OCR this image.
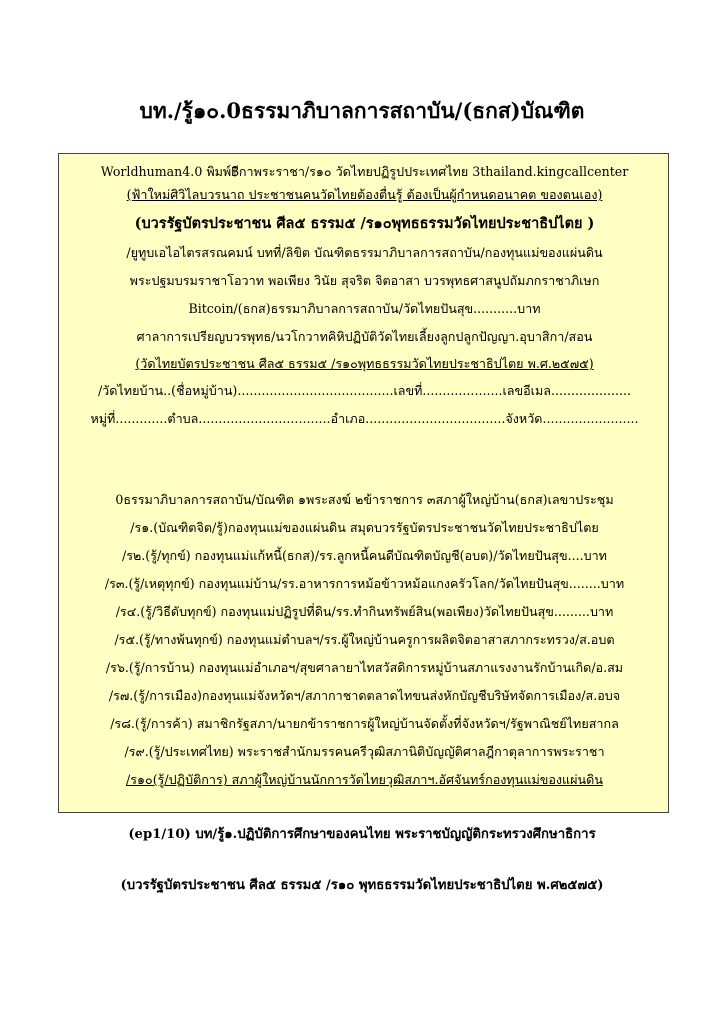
บท./รู้๑๐.0ธรรมาภิบาลการสถาบัน/(ธกส)บัณฑิต
Worldhuman4.0 พิมพ์฿ีกาพระราชา/ร๑๐ วัดไทยปฏิรูปประเทศไทย 3thailand.kingcallcenter
(ฟ้าใหม่ศิวิไลบวรนาถ ประชาชนคนวัดไทยต้องตื่นรู้ ต้องเป็นผู้กำหนดอนาคต ของตนเอง)
(บวรรัฐบัตรประชาชน ศีล๕ ธรรม๕ /ร๑๐พุทธธรรมวัดไทยประชาธิปไตย )
/ยูทูบเอไอไตรสรณคมน์ บทที่/ลิขิต บัณฑิตธรรมาภิบาลการสถาบัน/กองทุนแม่ของแผ่นดิน
พระปฐมบรมราชาโอวาท พอเพียง วินัย สุจริต จิตอาสา บวรพุทธศาสนูปถัมภกราชาภิเษก
Bitcoin/(ธกส)ธรรมาภิบาลการสถาบัน/วัดไทยปันสุข...........บาท
ศาลาการเปรียญบวรพุทธ/นวโกวาทคิหิปฏิบัติวัดไทยเลี้ยงลูกปลูกปัญญา.อุบาสิกา/สอน
(วัดไทยบัตรประชาชน ศีล๕ ธรรม๕ /ร๑๐พุทธธรรมวัดไทยประชาธิปไตย พ.ศ.๒๕๗๕)
/วัดไทยบ้าน..(ชื่อหมู่บ้าน).......................................เลขที่....................เลขอีเมล....................
หมู่ที่.............ตำบล.................................อำเภอ...................................จังหวัด........................
0ธรรมาภิบาลการสถาบัน/บัณฑิต ๑พระสงฆ์ ๒ข้าราชการ ๓สภาผู้ใหญ่บ้าน(ธกส)เลขาประชุม
/ร๑.(บัณฑิตจิต/รู้)กองทุนแม่ของแผ่นดิน สมุดบวรรัฐบัตรประชาชนวัดไทยประชาธิปไตย
/ร๒.(รู้/ทุกข์) กองทุนแม่แก้หนี้(ธกส)/รร.ลูกหนี้คนดีบัณฑิตบัญชี(อบต)/วัดไทยปันสุข....บาท
/ร๓.(รู้/เหตุทุกข์) กองทุนแม่บ้าน/รร.อาหารการหม้อข้าวหม้อแกงครัวโลก/วัดไทยปันสุข........บาท
/ร๔.(รู้/วิธีดับทุกข์) กองทุนแม่ปฏิรูปที่ดิน/รร.ทำกินทรัพย์สิน(พอเพียง)วัดไทยปันสุข.........บาท
/ร๕.(รู้/ทางพ้นทุกข์) กองทุนแม่ตำบลฯ/รร.ผู้ใหญ่บ้านครูการผลิตจิตอาสาสภากระทรวง/ส.อบต
/ร๖.(รู้/การบ้าน) กองทุนแม่อำเภอฯ/สุขศาลายาไทสวัสดิการหมู่บ้านสภาแรงงานรักบ้านเกิด/อ.สม
/ร๗.(รู้/การเมือง)กองทุนแม่จังหวัดฯ/สภากาชาดตลาดไทขนส่งหักบัญชีบริษัทจัดการเมือง/ส.อบจ
/ร๘.(รู้/การค้า) สมาชิกรัฐสภา/นายกข้าราชการผู้ใหญ่บ้านจัดตั้งที่จังหวัดฯ/รัฐพาณิชย์ไทยสากล
/ร๙.(รู้/ประเทศไทย) พระราชสำนักมรรคนครีวุฒิสภานิติบัญญัติศาลฎีกาตุลาการพระราชา
/ร๑๐(รู้/ปฏิบัติการ) สภาผู้ใหญ่บ้านนักการวัดไทยวุฒิสภาฯ.อัศจันทร์กองทุนแม่ของแผ่นดิน
(ep1/10) บท/รู้๑.ปฏิบัติการศึกษาของคนไทย พระราชบัญญัติกระทรวงศึกษาธิการ
(บวรรัฐบัตรประชาชน ศีล๕ ธรรม๕ /ร๑๐ พุทธธรรมวัดไทยประชาธิปไตย พ.ศ๒๕๗๕)
